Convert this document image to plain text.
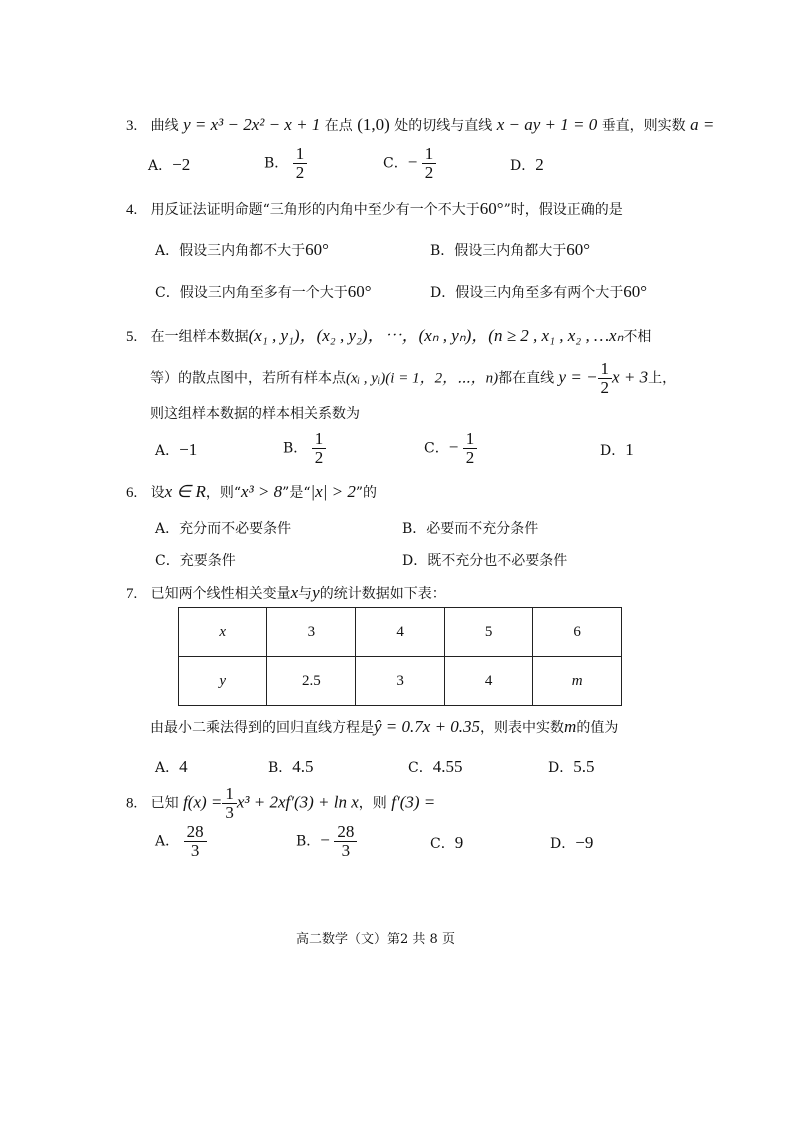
3. 曲线 y = x³ − 2x² − x + 1 在点 (1,0) 处的切线与直线 x − ay + 1 = 0 垂直，则实数 a =
A．−2	B． $\frac{1}{2}$	C．− $\frac{1}{2}$	D．2
4. 用反证法证明命题“三角形的内角中至少有一个不大于60°”时，假设正确的是
A．假设三内角都不大于60°	B．假设三内角都大于60°
C．假设三内角至多有一个大于60°	D．假设三内角至多有两个大于60°
5. 在一组样本数据(x₁ , y₁)，(x₂ , y₂)，⋯，(xₙ , yₙ)，(n ≥ 2 , x₁ , x₂ , …xₙ不相
等）的散点图中，若所有样本点(xᵢ , yᵢ)(i = 1，2，⋯，n)都在直线 y = − $\frac{1}{2}$ x + 3上，
则这组样本数据的样本相关系数为
A．−1	B． $\frac{1}{2}$	C．− $\frac{1}{2}$	D．1
6. 设x ∈ R，则“x³ > 8”是“|x| > 2”的
A．充分而不必要条件	B．必要而不充分条件
C．充要条件	D．既不充分也不必要条件
7. 已知两个线性相关变量x与y的统计数据如下表：
x	3	4	5	6
y	2.5	3	4	m
由最小二乘法得到的回归直线方程是ŷ = 0.7x + 0.35，则表中实数m的值为
A．4	B．4.5	C．4.55	D．5.5
8. 已知 $f(x) = \frac{1}{3} x^3 + 2xf'(3) + \ln x$，则 f′(3) =
A． $\frac{28}{3}$	B．− $\frac{28}{3}$	C．9	D．−9
高二数学（文）第2 共 8 页
